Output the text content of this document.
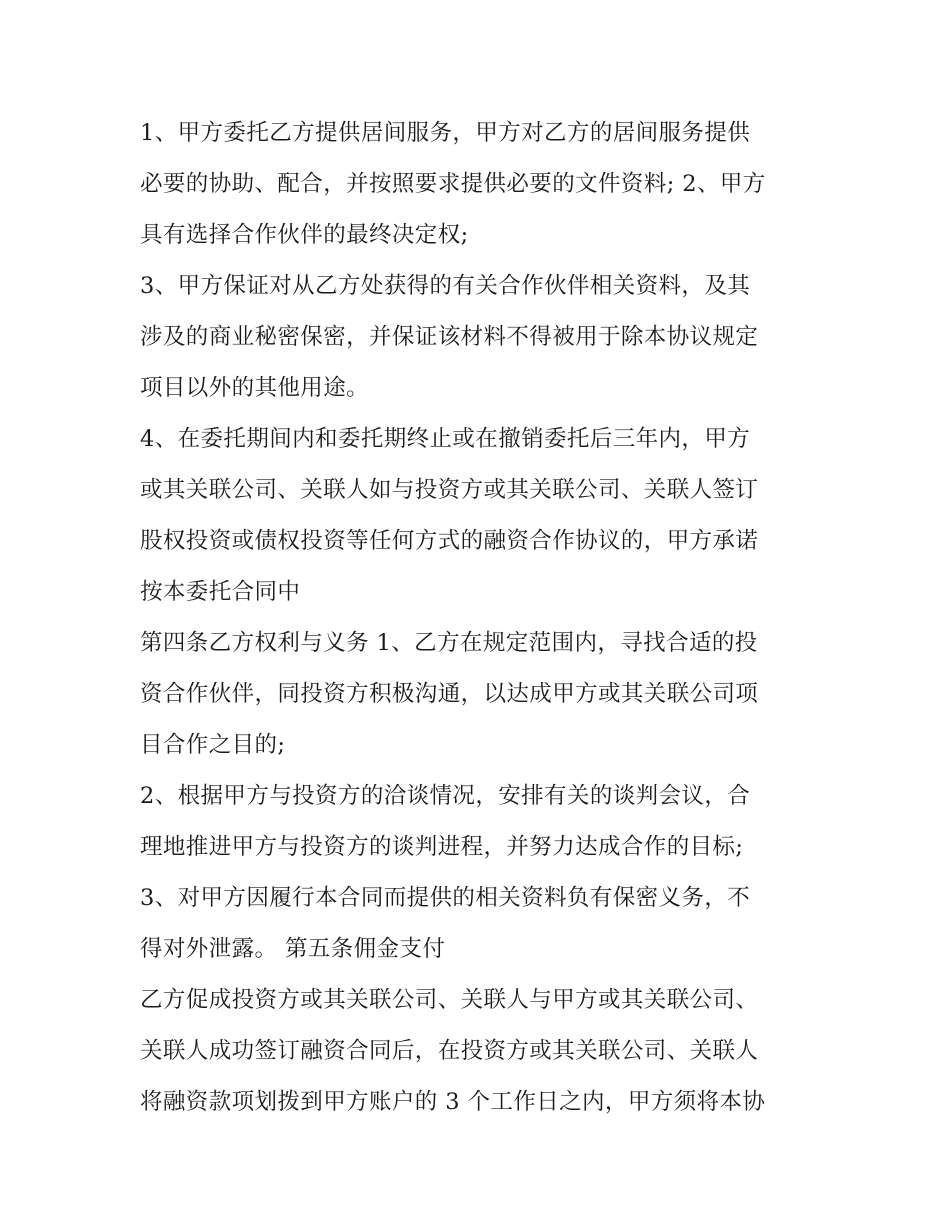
1、甲方委托乙方提供居间服务，甲方对乙方的居间服务提供

必要的协助、配合，并按照要求提供必要的文件资料; 2、甲方

具有选择合作伙伴的最终决定权;

3、甲方保证对从乙方处获得的有关合作伙伴相关资料，及其

涉及的商业秘密保密，并保证该材料不得被用于除本协议规定

项目以外的其他用途。

4、在委托期间内和委托期终止或在撤销委托后三年内，甲方

或其关联公司、关联人如与投资方或其关联公司、关联人签订

股权投资或债权投资等任何方式的融资合作协议的，甲方承诺

按本委托合同中

第四条乙方权利与义务 1、乙方在规定范围内，寻找合适的投

资合作伙伴，同投资方积极沟通，以达成甲方或其关联公司项

目合作之目的;

2、根据甲方与投资方的洽谈情况，安排有关的谈判会议，合

理地推进甲方与投资方的谈判进程，并努力达成合作的目标;

3、对甲方因履行本合同而提供的相关资料负有保密义务，不

得对外泄露。 第五条佣金支付

乙方促成投资方或其关联公司、关联人与甲方或其关联公司、

关联人成功签订融资合同后，在投资方或其关联公司、关联人

将融资款项划拨到甲方账户的 3 个工作日之内，甲方须将本协
